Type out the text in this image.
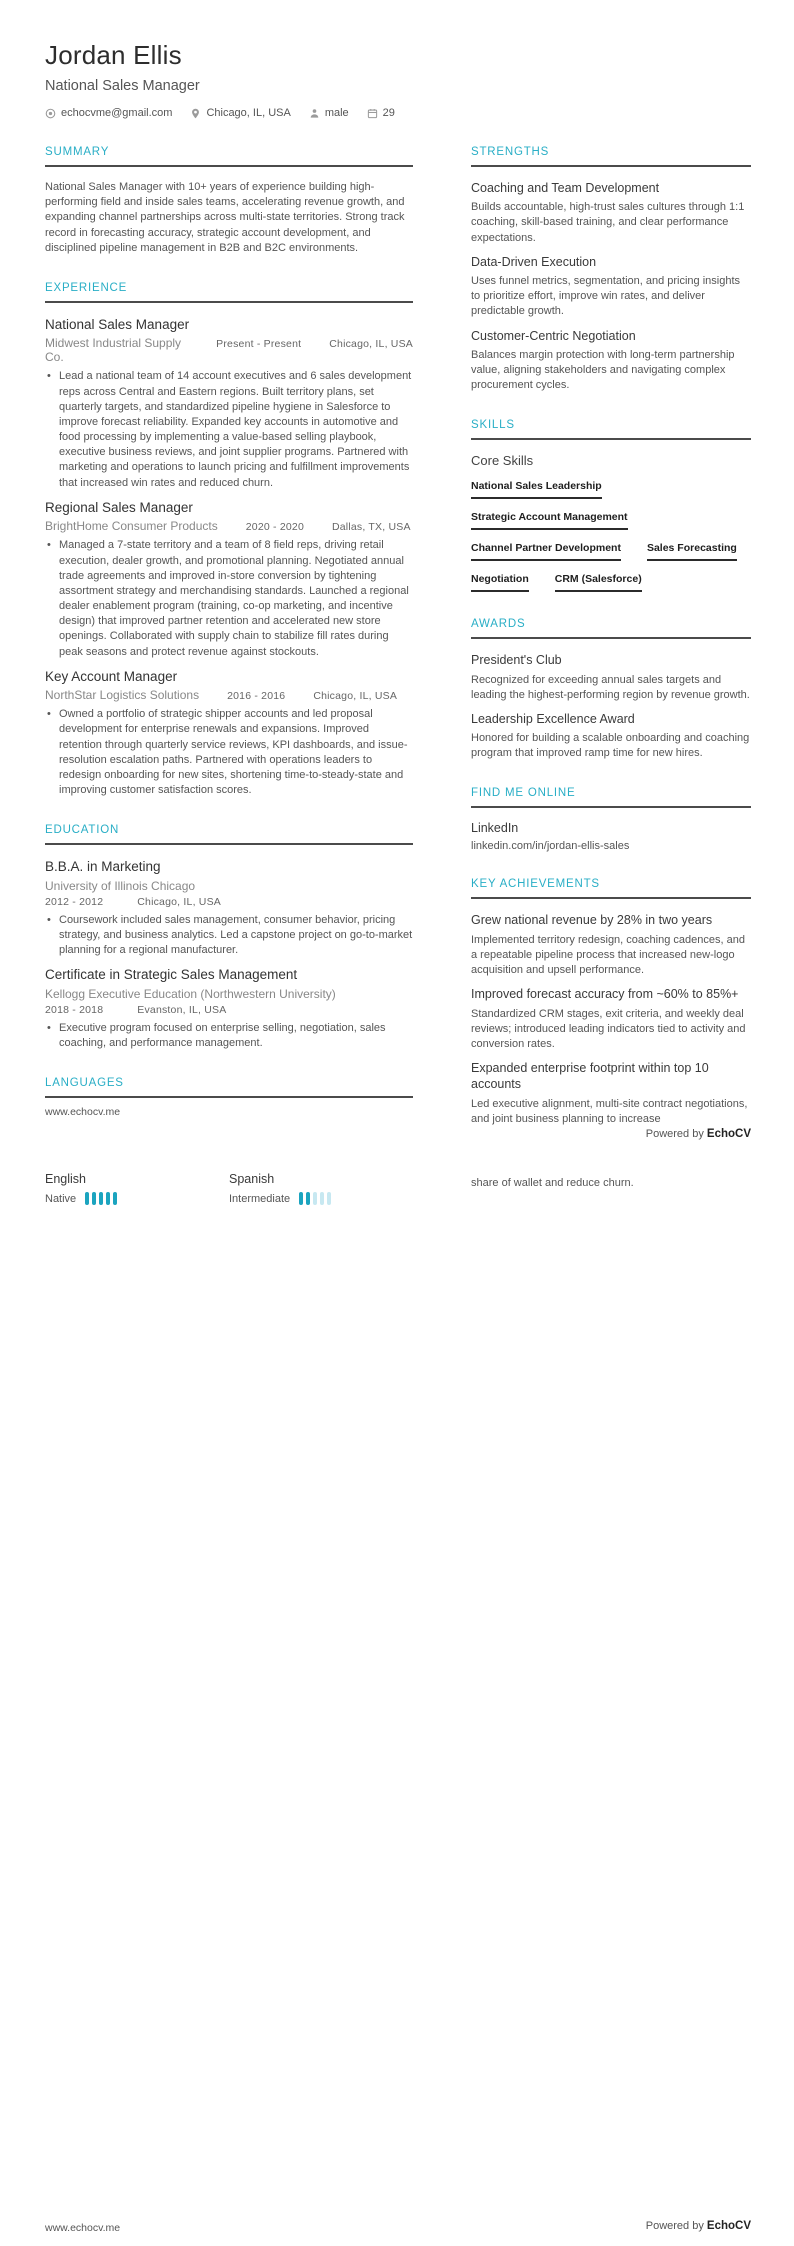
Jordan Ellis
National Sales Manager
echocvme@gmail.com	Chicago, IL, USA	male	29
SUMMARY
National Sales Manager with 10+ years of experience building high-performing field and inside sales teams, accelerating revenue growth, and expanding channel partnerships across multi-state territories. Strong track record in forecasting accuracy, strategic account development, and disciplined pipeline management in B2B and B2C environments.
EXPERIENCE
National Sales Manager
Midwest Industrial Supply Co.
Present - Present	Chicago, IL, USA
• Lead a national team of 14 account executives and 6 sales development reps across Central and Eastern regions. Built territory plans, set quarterly targets, and standardized pipeline hygiene in Salesforce to improve forecast reliability. Expanded key accounts in automotive and food processing by implementing a value-based selling playbook, executive business reviews, and joint supplier programs. Partnered with marketing and operations to launch pricing and fulfillment improvements that increased win rates and reduced churn.
Regional Sales Manager
BrightHome Consumer Products	2020 - 2020	Dallas, TX, USA
• Managed a 7-state territory and a team of 8 field reps, driving retail execution, dealer growth, and promotional planning. Negotiated annual trade agreements and improved in-store conversion by tightening assortment strategy and merchandising standards. Launched a regional dealer enablement program (training, co-op marketing, and incentive design) that improved partner retention and accelerated new store openings. Collaborated with supply chain to stabilize fill rates during peak seasons and protect revenue against stockouts.
Key Account Manager
NorthStar Logistics Solutions	2016 - 2016	Chicago, IL, USA
• Owned a portfolio of strategic shipper accounts and led proposal development for enterprise renewals and expansions. Improved retention through quarterly service reviews, KPI dashboards, and issue-resolution escalation paths. Partnered with operations leaders to redesign onboarding for new sites, shortening time-to-steady-state and improving customer satisfaction scores.
EDUCATION
B.B.A. in Marketing
University of Illinois Chicago
2012 - 2012	Chicago, IL, USA
• Coursework included sales management, consumer behavior, pricing strategy, and business analytics. Led a capstone project on go-to-market planning for a regional manufacturer.
Certificate in Strategic Sales Management
Kellogg Executive Education (Northwestern University)
2018 - 2018	Evanston, IL, USA
• Executive program focused on enterprise selling, negotiation, sales coaching, and performance management.
LANGUAGES
STRENGTHS
Coaching and Team Development
Builds accountable, high-trust sales cultures through 1:1 coaching, skill-based training, and clear performance expectations.
Data-Driven Execution
Uses funnel metrics, segmentation, and pricing insights to prioritize effort, improve win rates, and deliver predictable growth.
Customer-Centric Negotiation
Balances margin protection with long-term partnership value, aligning stakeholders and navigating complex procurement cycles.
SKILLS
Core Skills
National Sales Leadership
Strategic Account Management
Channel Partner Development Sales Forecasting
Negotiation CRM (Salesforce)
AWARDS
President's Club
Recognized for exceeding annual sales targets and leading the highest-performing region by revenue growth.
Leadership Excellence Award
Honored for building a scalable onboarding and coaching program that improved ramp time for new hires.
FIND ME ONLINE
LinkedIn
linkedin.com/in/jordan-ellis-sales
KEY ACHIEVEMENTS
Grew national revenue by 28% in two years
Implemented territory redesign, coaching cadences, and a repeatable pipeline process that increased new-logo acquisition and upsell performance.
Improved forecast accuracy from ~60% to 85%+
Standardized CRM stages, exit criteria, and weekly deal reviews; introduced leading indicators tied to activity and conversion rates.
Expanded enterprise footprint within top 10 accounts
Led executive alignment, multi-site contract negotiations, and joint business planning to increase
www.echocv.me
Powered by EchoCV
share of wallet and reduce churn.
English
Native
Spanish
Intermediate
www.echocv.me	Powered by EchoCV
